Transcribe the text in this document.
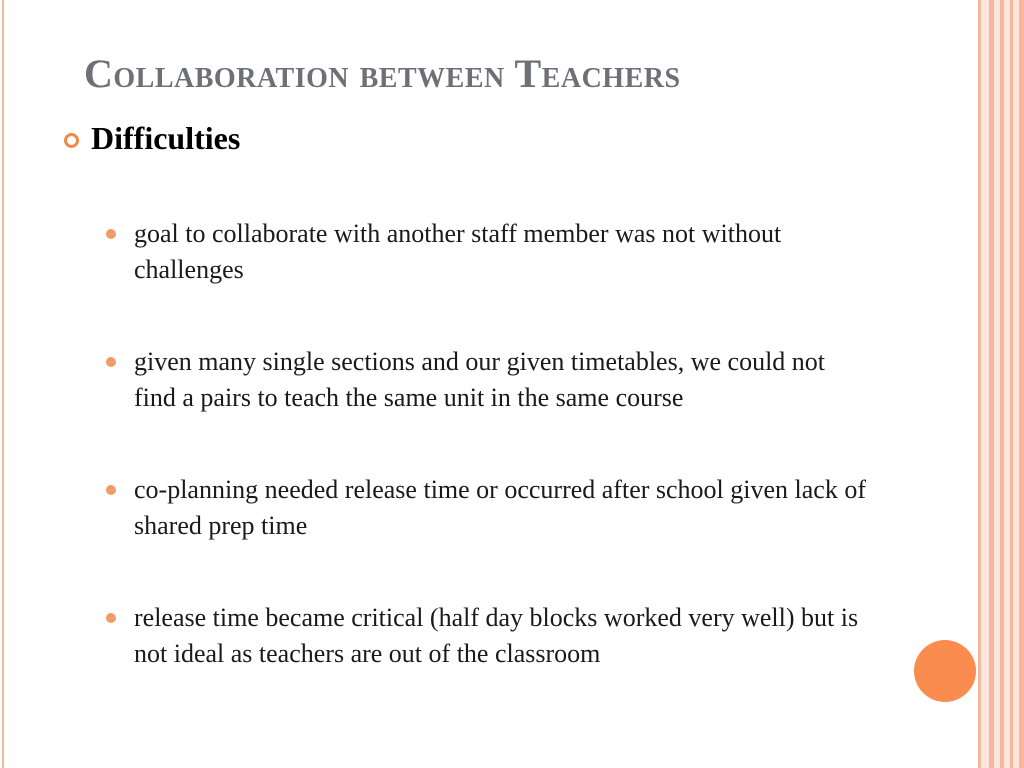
Collaboration between Teachers
Difficulties
goal to collaborate with another staff member was not without challenges
given many single sections and our given timetables, we could not find a pairs to teach the same unit in the same course
co-planning needed release time or occurred after school given lack of shared prep time
release time became critical (half day blocks worked very well) but is not ideal as teachers are out of the classroom
